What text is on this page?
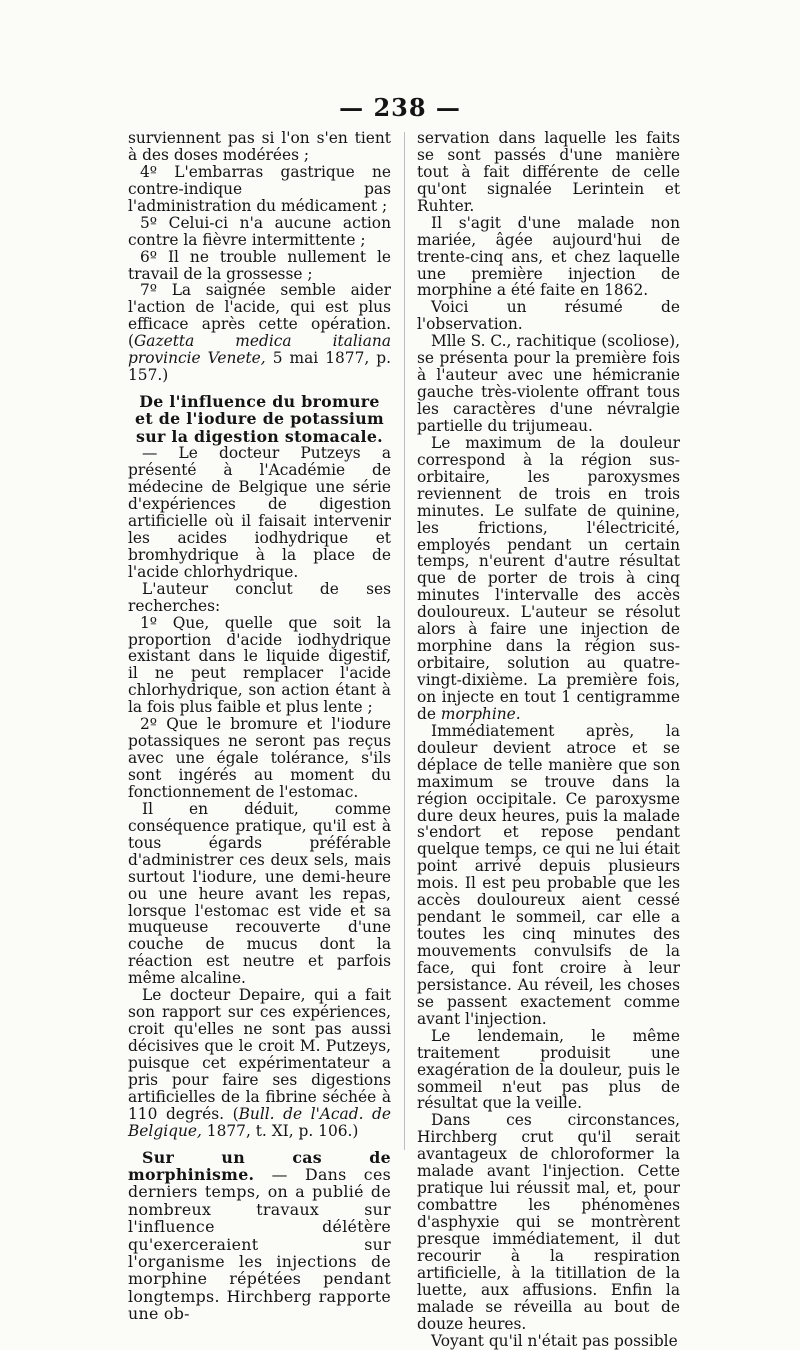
— 238 —

surviennent pas si l'on s'en tient à des doses modérées ;

4º L'embarras gastrique ne contre-indique pas l'administration du médicament ;

5º Celui-ci n'a aucune action contre la fièvre intermittente ;

6º Il ne trouble nullement le travail de la grossesse ;

7º La saignée semble aider l'action de l'acide, qui est plus efficace après cette opération. (Gazetta medica italiana provincie Venete, 5 mai 1877, p. 157.)

De l'influence du bromure et de l'iodure de potassium sur la digestion stomacale.

— Le docteur Putzeys a présenté à l'Académie de médecine de Belgique une série d'expériences de digestion artificielle où il faisait intervenir les acides iodhydrique et bromhydrique à la place de l'acide chlorhydrique.

L'auteur conclut de ses recherches:

1º Que, quelle que soit la proportion d'acide iodhydrique existant dans le liquide digestif, il ne peut remplacer l'acide chlorhydrique, son action étant à la fois plus faible et plus lente ;

2º Que le bromure et l'iodure potassiques ne seront pas reçus avec une égale tolérance, s'ils sont ingérés au moment du fonctionnement de l'estomac.

Il en déduit, comme conséquence pratique, qu'il est à tous égards préférable d'administrer ces deux sels, mais surtout l'iodure, une demi-heure ou une heure avant les repas, lorsque l'estomac est vide et sa muqueuse recouverte d'une couche de mucus dont la réaction est neutre et parfois même alcaline.

Le docteur Depaire, qui a fait son rapport sur ces expériences, croit qu'elles ne sont pas aussi décisives que le croit M. Putzeys, puisque cet expérimentateur a pris pour faire ses digestions artificielles de la fibrine séchée à 110 degrés. (Bull. de l'Acad. de Belgique, 1877, t. XI, p. 106.)

Sur un cas de morphinisme. — Dans ces derniers temps, on a publié de nombreux travaux sur l'influence délétère qu'exerceraient sur l'organisme les injections de morphine répétées pendant longtemps. Hirchberg rapporte une ob-

servation dans laquelle les faits se sont passés d'une manière tout à fait différente de celle qu'ont signalée Lerintein et Ruhter.

Il s'agit d'une malade non mariée, âgée aujourd'hui de trente-cinq ans, et chez laquelle une première injection de morphine a été faite en 1862.

Voici un résumé de l'observation.

Mlle S. C., rachitique (scoliose), se présenta pour la première fois à l'auteur avec une hémicranie gauche très-violente offrant tous les caractères d'une névralgie partielle du trijumeau.

Le maximum de la douleur correspond à la région sus-orbitaire, les paroxysmes reviennent de trois en trois minutes. Le sulfate de quinine, les frictions, l'électricité, employés pendant un certain temps, n'eurent d'autre résultat que de porter de trois à cinq minutes l'intervalle des accès douloureux. L'auteur se résolut alors à faire une injection de morphine dans la région sus-orbitaire, solution au quatre-vingt-dixième. La première fois, on injecte en tout 1 centigramme de morphine.

Immédiatement après, la douleur devient atroce et se déplace de telle manière que son maximum se trouve dans la région occipitale. Ce paroxysme dure deux heures, puis la malade s'endort et repose pendant quelque temps, ce qui ne lui était point arrivé depuis plusieurs mois. Il est peu probable que les accès douloureux aient cessé pendant le sommeil, car elle a toutes les cinq minutes des mouvements convulsifs de la face, qui font croire à leur persistance. Au réveil, les choses se passent exactement comme avant l'injection.

Le lendemain, le même traitement produisit une exagération de la douleur, puis le sommeil n'eut pas plus de résultat que la veille.

Dans ces circonstances, Hirchberg crut qu'il serait avantageux de chloroformer la malade avant l'injection. Cette pratique lui réussit mal, et, pour combattre les phénomènes d'asphyxie qui se montrèrent presque immédiatement, il dut recourir à la respiration artificielle, à la titillation de la luette, aux affusions. Enfin la malade se réveilla au bout de douze heures.

Voyant qu'il n'était pas possible
